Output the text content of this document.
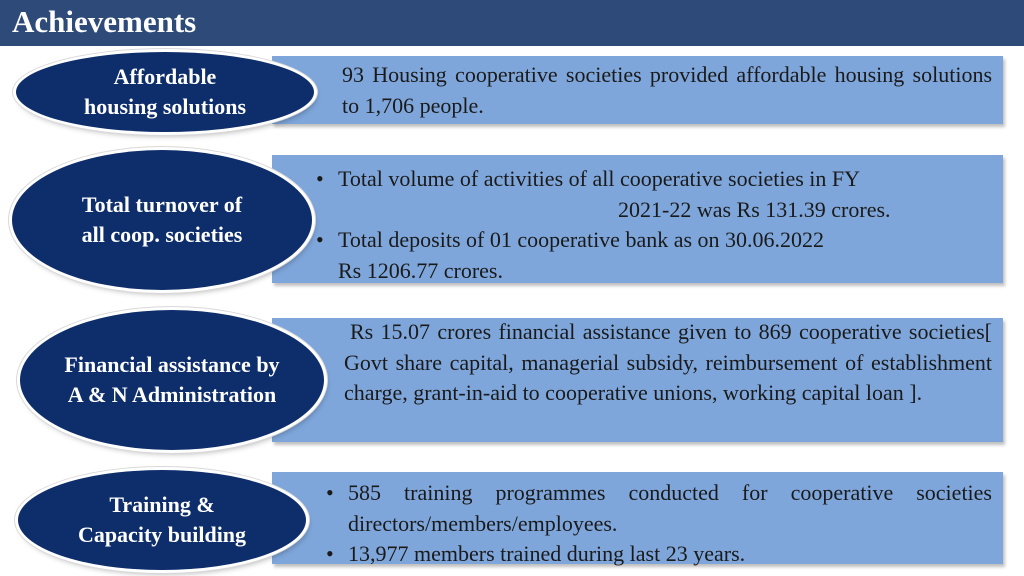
Achievements
Affordable
housing solutions
93 Housing cooperative societies provided affordable housing solutions to 1,706 people.
Total turnover of
all coop. societies
• Total volume of activities of all cooperative societies in FY
2021-22 was Rs 131.39 crores.
• Total deposits of 01 cooperative bank as on 30.06.2022
Rs 1206.77 crores.
Financial assistance by
A & N Administration
Rs 15.07 crores financial assistance given to 869 cooperative societies[ Govt share capital, managerial subsidy, reimbursement of establishment charge, grant-in-aid to cooperative unions, working capital loan ].
Training &
Capacity building
• 585 training programmes conducted for cooperative societies directors/members/employees.
• 13,977 members trained during last 23 years.
